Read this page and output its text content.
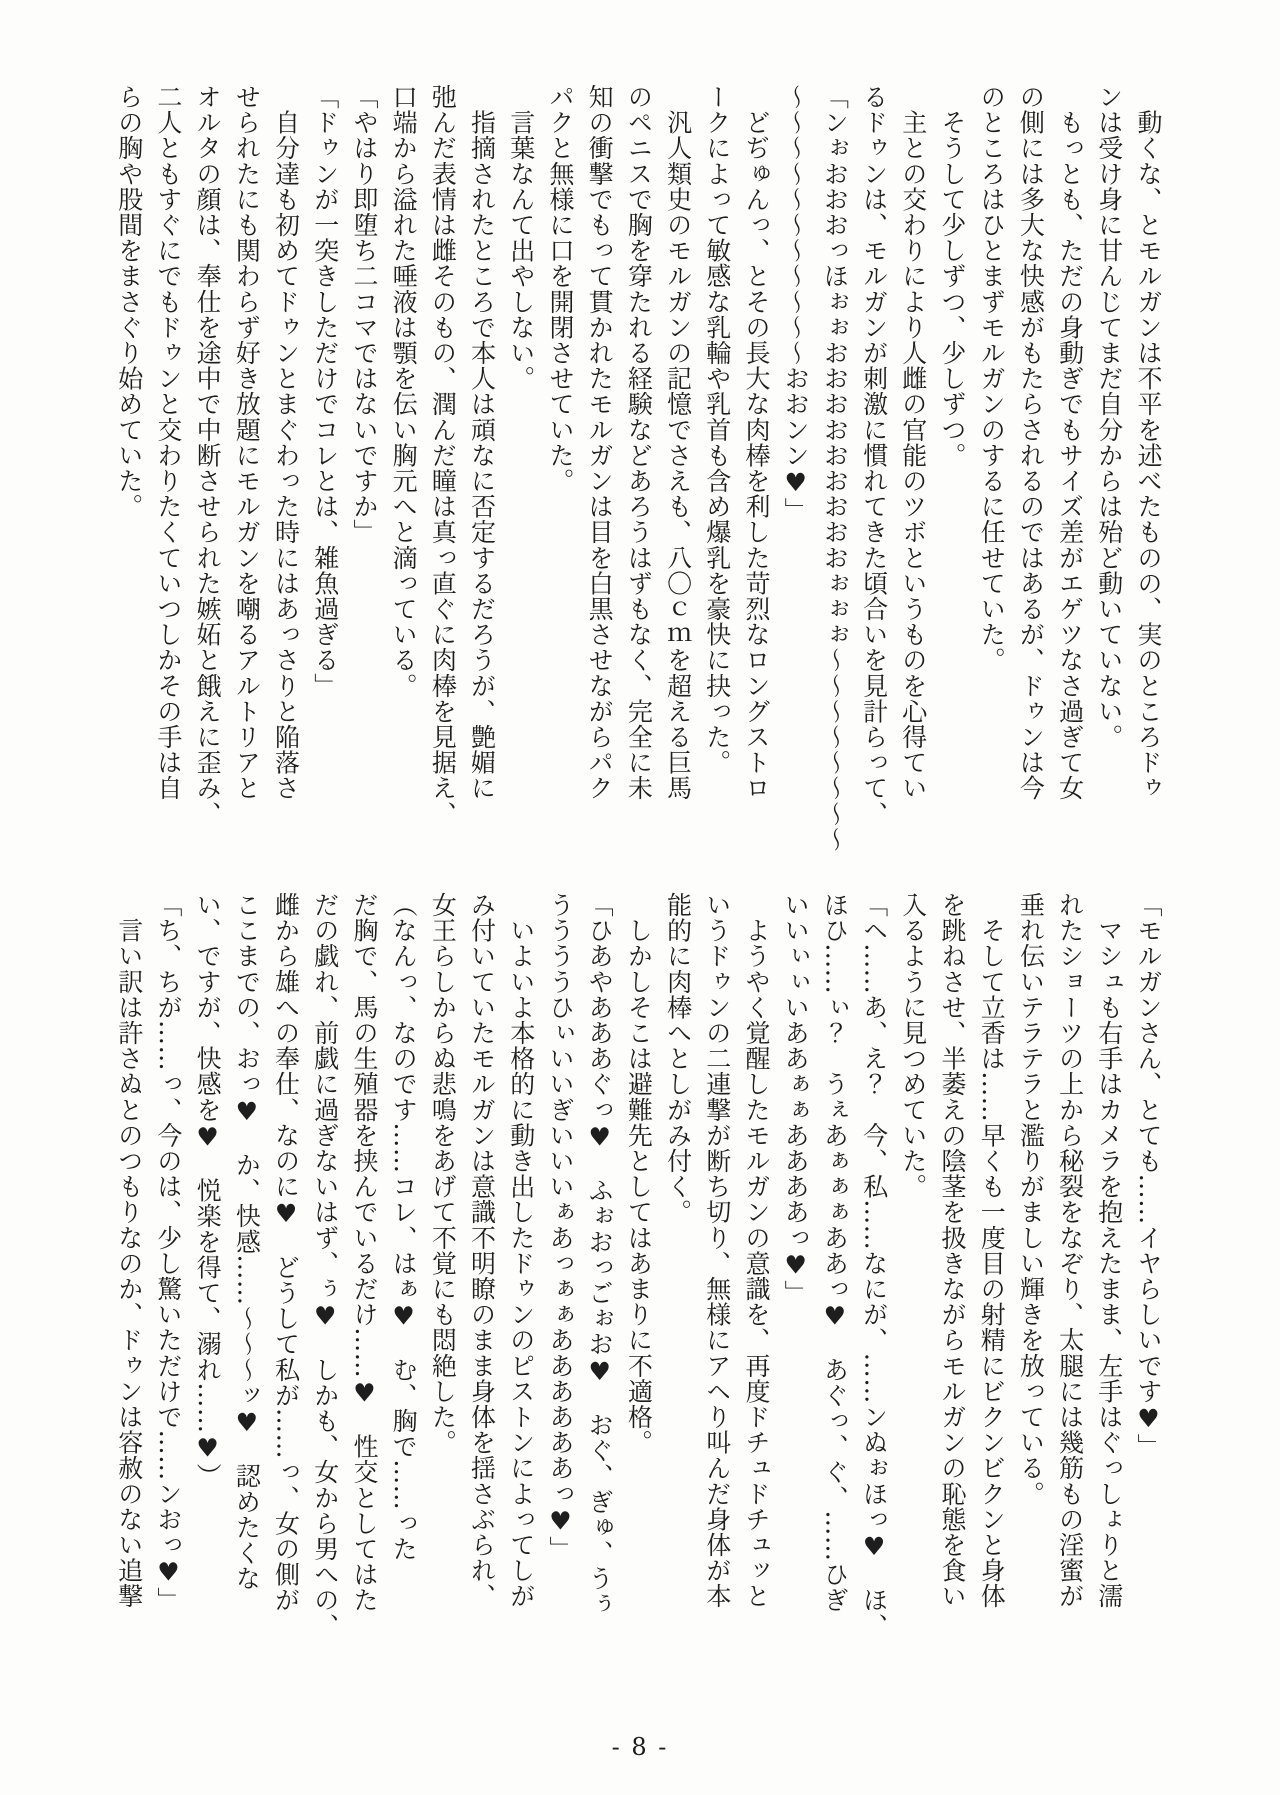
　動くな、とモルガンは不平を述べたものの、実のところドゥ

ンは受け身に甘んじてまだ自分からは殆ど動いていない。

　もっとも、ただの身動ぎでもサイズ差がエゲツなさ過ぎて女

の側には多大な快感がもたらされるのではあるが、ドゥンは今

のところはひとまずモルガンのするに任せていた。

　そうして少しずつ、少しずつ。

　主との交わりにより人雌の官能のツボというものを心得てい

るドゥンは、モルガンが刺激に慣れてきた頃合いを見計らって、

「ンぉおおおっほぉぉおおおおおおおおおぉぉぉ〜〜〜〜〜〜〜〜

〜〜〜〜〜〜〜〜〜〜〜おおンン♥」

　どぢゅんっ、とその長大な肉棒を利した苛烈なロングストロ

ークによって敏感な乳輪や乳首も含め爆乳を豪快に抉った。

　汎人類史のモルガンの記憶でさえも、八〇ｃｍを超える巨馬

のペニスで胸を穿たれる経験などあろうはずもなく、完全に未

知の衝撃でもって貫かれたモルガンは目を白黒させながらパク

パクと無様に口を開閉させていた。

　言葉なんて出やしない。

　指摘されたところで本人は頑なに否定するだろうが、艶媚に

弛んだ表情は雌そのもの、潤んだ瞳は真っ直ぐに肉棒を見据え、

口端から溢れた唾液は顎を伝い胸元へと滴っている。

「やはり即堕ち二コマではないですか」

「ドゥンが一突きしただけでコレとは、雑魚過ぎる」

　自分達も初めてドゥンとまぐわった時にはあっさりと陥落さ

せられたにも関わらず好き放題にモルガンを嘲るアルトリアと

オルタの顔は、奉仕を途中で中断させられた嫉妬と餓えに歪み、

二人ともすぐにでもドゥンと交わりたくていつしかその手は自

らの胸や股間をまさぐり始めていた。

「モルガンさん、とても……イヤらしいです♥」

　マシュも右手はカメラを抱えたまま、左手はぐっしょりと濡

れたショーツの上から秘裂をなぞり、太腿には幾筋もの淫蜜が

垂れ伝いテラテラと濫りがましい輝きを放っている。

　そして立香は……早くも一度目の射精にビクンビクンと身体

を跳ねさせ、半萎えの陰茎を扱きながらモルガンの恥態を食い

入るように見つめていた。

「ヘ……あ、え？　今、私……なにが、……ンぬぉほっ♥　ほ、

ほひ……ぃ？　うぇあぁぁぁああっ♥　あぐっ、ぐ、……ひぎ

いいぃぃいああぁぁああああっ♥」

　ようやく覚醒したモルガンの意識を、再度ドチュドチュッと

いうドゥンの二連撃が断ち切り、無様にアヘり叫んだ身体が本

能的に肉棒へとしがみ付く。

　しかしそこは避難先としてはあまりに不適格。

「ひあやあああぐっ♥　ふぉおっごぉお♥　おぐ、ぎゅ、うぅ

ううううひぃいいぎいいいぁあっぁぁああああああっ♥」

　いよいよ本格的に動き出したドゥンのピストンによってしが

み付いていたモルガンは意識不明瞭のまま身体を揺さぶられ、

女王らしからぬ悲鳴をあげて不覚にも悶絶した。

（なんっ、なのです……コレ、はぁ♥　む、胸で……った

だ胸で、馬の生殖器を挟んでいるだけ……♥　性交としてはた

だの戯れ、前戯に過ぎないはず、ぅ♥　しかも、女から男への、

雌から雄への奉仕、なのに♥　どうして私が……っ、女の側が

ここまでの、おっ♥　か、快感……〜〜〜ッ♥　認めたくな

い、ですが、快感を♥　悦楽を得て、溺れ……♥）

「ち、ちが……っ、今のは、少し驚いただけで……ンおっ♥」

　言い訳は許さぬとのつもりなのか、ドゥンは容赦のない追撃

- 8 -
